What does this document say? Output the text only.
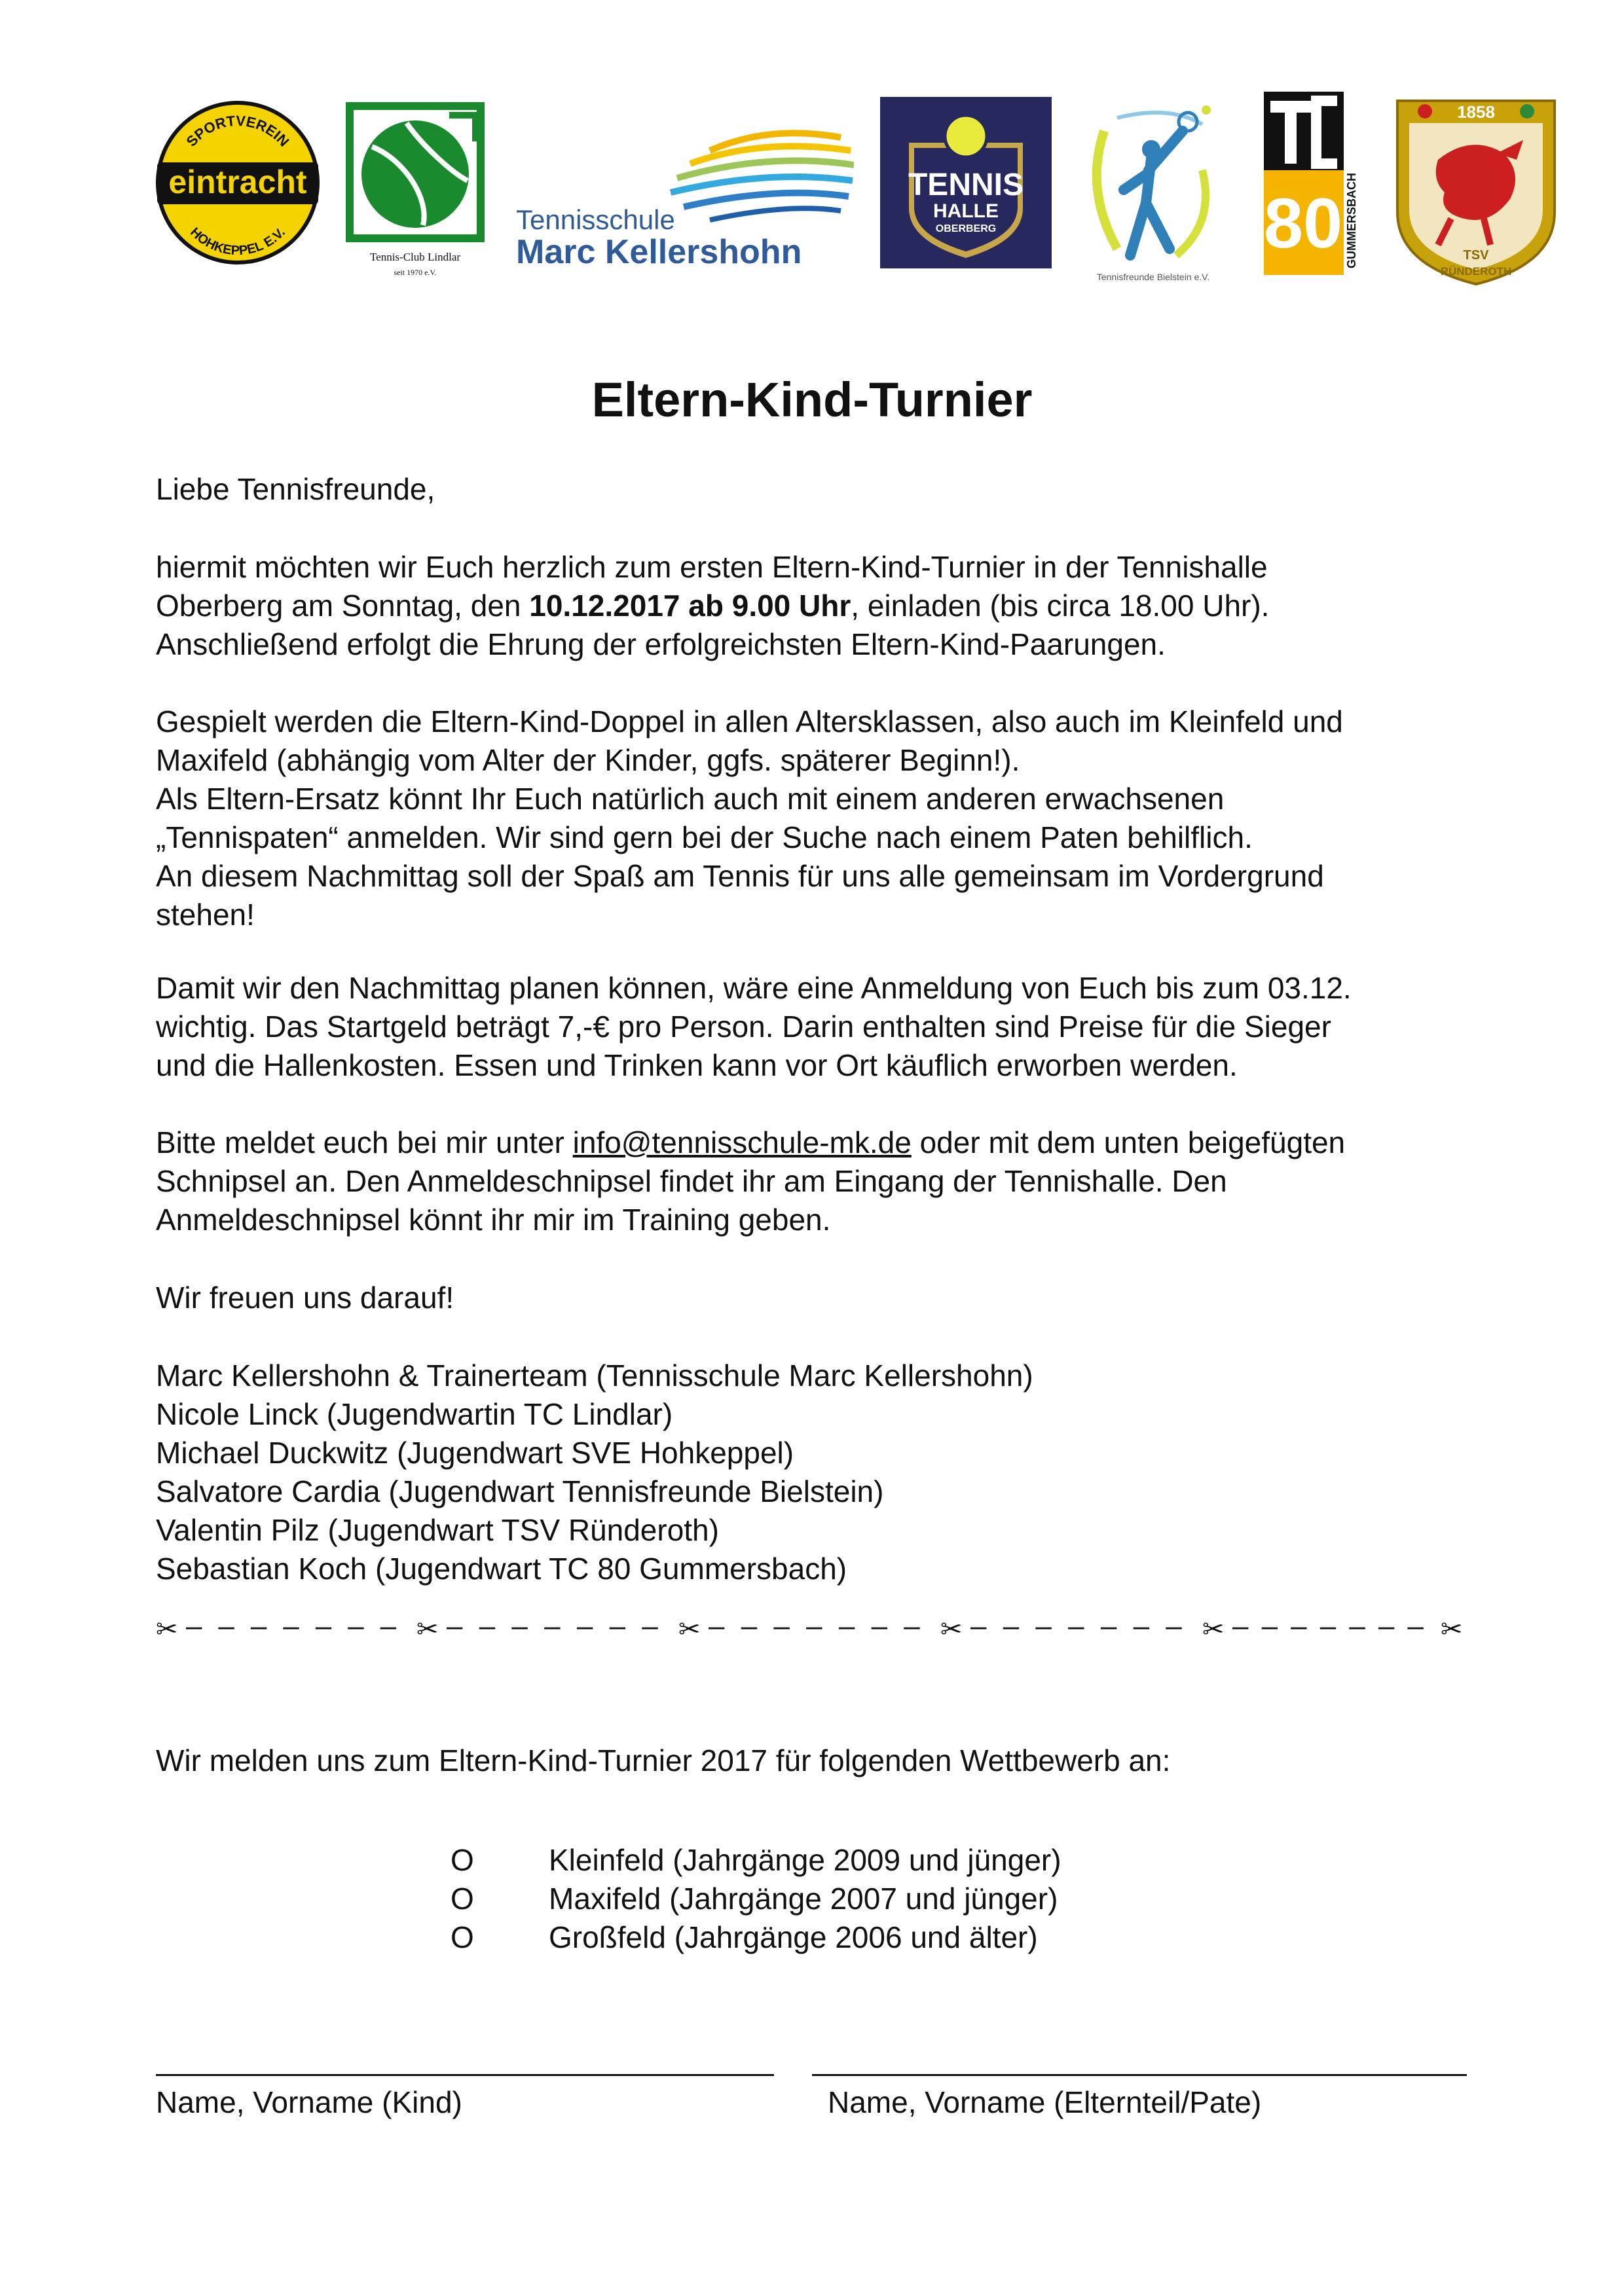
eintracht
SPORTVEREIN
HOHKEPPEL E.V.
Tennis-Club Lindlar
seit 1970 e.V.
Tennisschule
Marc Kellershohn
TENNIS
HALLE
OBERBERG
Tennisfreunde Bielstein e.V.
80 GUMMERSBACH
1858
TSV
RÜNDEROTH
Eltern-Kind-Turnier

Liebe Tennisfreunde,

hiermit möchten wir Euch herzlich zum ersten Eltern-Kind-Turnier in der Tennishalle
Oberberg am Sonntag, den 10.12.2017 ab 9.00 Uhr, einladen (bis circa 18.00 Uhr).
Anschließend erfolgt die Ehrung der erfolgreichsten Eltern-Kind-Paarungen.

Gespielt werden die Eltern-Kind-Doppel in allen Altersklassen, also auch im Kleinfeld und
Maxifeld (abhängig vom Alter der Kinder, ggfs. späterer Beginn!).
Als Eltern-Ersatz könnt Ihr Euch natürlich auch mit einem anderen erwachsenen
„Tennispaten“ anmelden. Wir sind gern bei der Suche nach einem Paten behilflich.
An diesem Nachmittag soll der Spaß am Tennis für uns alle gemeinsam im Vordergrund
stehen!

Damit wir den Nachmittag planen können, wäre eine Anmeldung von Euch bis zum 03.12.
wichtig. Das Startgeld beträgt 7,-€ pro Person. Darin enthalten sind Preise für die Sieger
und die Hallenkosten. Essen und Trinken kann vor Ort käuflich erworben werden.

Bitte meldet euch bei mir unter info@tennisschule-mk.de oder mit dem unten beigefügten
Schnipsel an. Den Anmeldeschnipsel findet ihr am Eingang der Tennishalle. Den
Anmeldeschnipsel könnt ihr mir im Training geben.

Wir freuen uns darauf!

Marc Kellershohn & Trainerteam (Tennisschule Marc Kellershohn)
Nicole Linck (Jugendwartin TC Lindlar)
Michael Duckwitz (Jugendwart SVE Hohkeppel)
Salvatore Cardia (Jugendwart Tennisfreunde Bielstein)
Valentin Pilz (Jugendwart TSV Ründeroth)
Sebastian Koch (Jugendwart TC 80 Gummersbach)

✂ – – – – – – – ✂ – – – – – – – ✂ – – – – – – – ✂ – – – – – – – ✂ – – – – – – – ✂

Wir melden uns zum Eltern-Kind-Turnier 2017 für folgenden Wettbewerb an:

O Kleinfeld (Jahrgänge 2009 und jünger)
O Maxifeld (Jahrgänge 2007 und jünger)
O Großfeld (Jahrgänge 2006 und älter)
Name, Vorname (Kind)	Name, Vorname (Elternteil/Pate)
